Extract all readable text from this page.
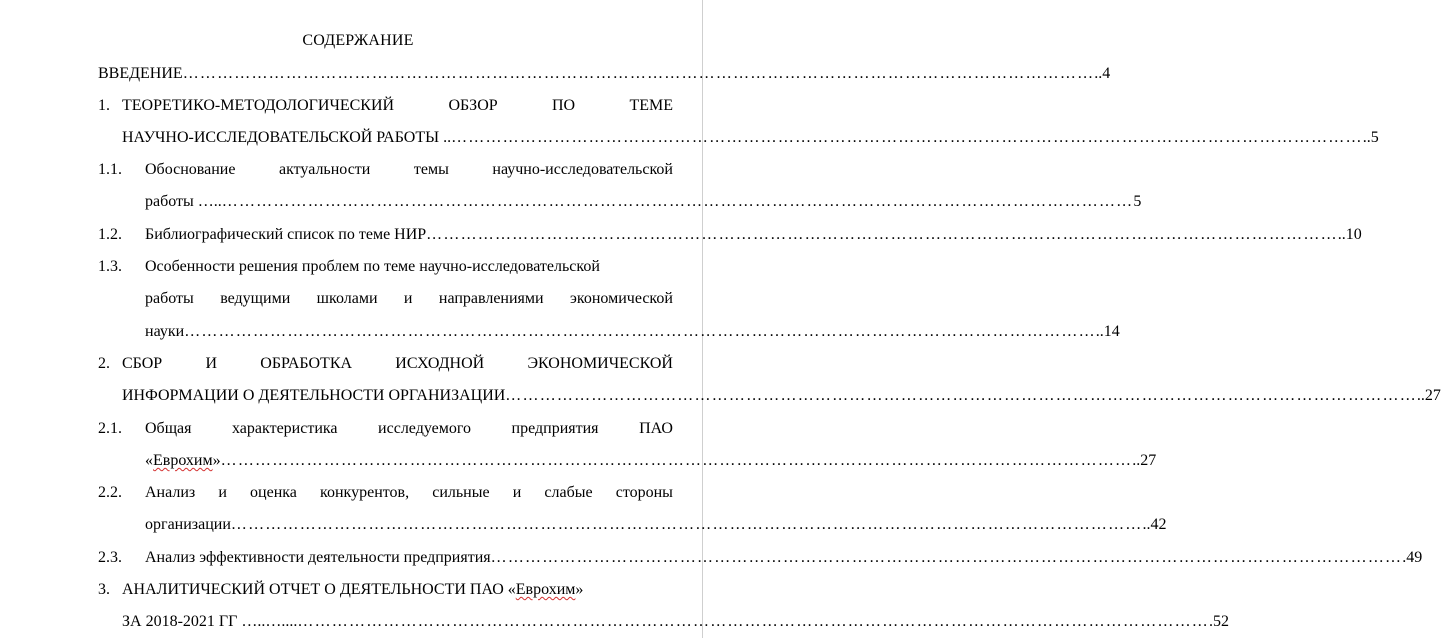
СОДЕРЖАНИЕ
ВВЕДЕНИЕ …………………………………………………………………………………………………………………………………………… ..4
1. ТЕОРЕТИКО-МЕТОДОЛОГИЧЕСКИЙ	ОБЗОР	ПО	ТЕМЕ
НАУЧНО-ИССЛЕДОВАТЕЛЬСКОЙ РАБОТЫ .. …………………………………………………………………………………………………………………………………………… ..5
1.1. Обоснование	актуальности	темы	научно-исследовательской
работы ….. …………………………………………………………………………………………………………………………………………… 5
1.2. Библиографический список по теме НИР …………………………………………………………………………………………………………………………………………… ..10
1.3. Особенности решения проблем по теме научно-исследовательской
работы ведущими школами и направлениями экономической
науки …………………………………………………………………………………………………………………………………………… ..14
2. СБОР	И	ОБРАБОТКА	ИСХОДНОЙ	ЭКОНОМИЧЕСКОЙ
ИНФОРМАЦИИ О ДЕЯТЕЛЬНОСТИ ОРГАНИЗАЦИИ …………………………………………………………………………………………………………………………………………… ..27
2.1. Общая	характеристика	исследуемого	предприятия	ПАО
«Еврохим» …………………………………………………………………………………………………………………………………………… ..27
2.2. Анализ и оценка конкурентов, сильные и слабые стороны
организации …………………………………………………………………………………………………………………………………………… ..42
2.3. Анализ эффективности деятельности предприятия …………………………………………………………………………………………………………………………………………… .49
3. АНАЛИТИЧЕСКИЙ ОТЧЕТ О ДЕЯТЕЛЬНОСТИ ПАО «Еврохим»
ЗА 2018-2021 ГГ …..….... …………………………………………………………………………………………………………………………………………… .52
